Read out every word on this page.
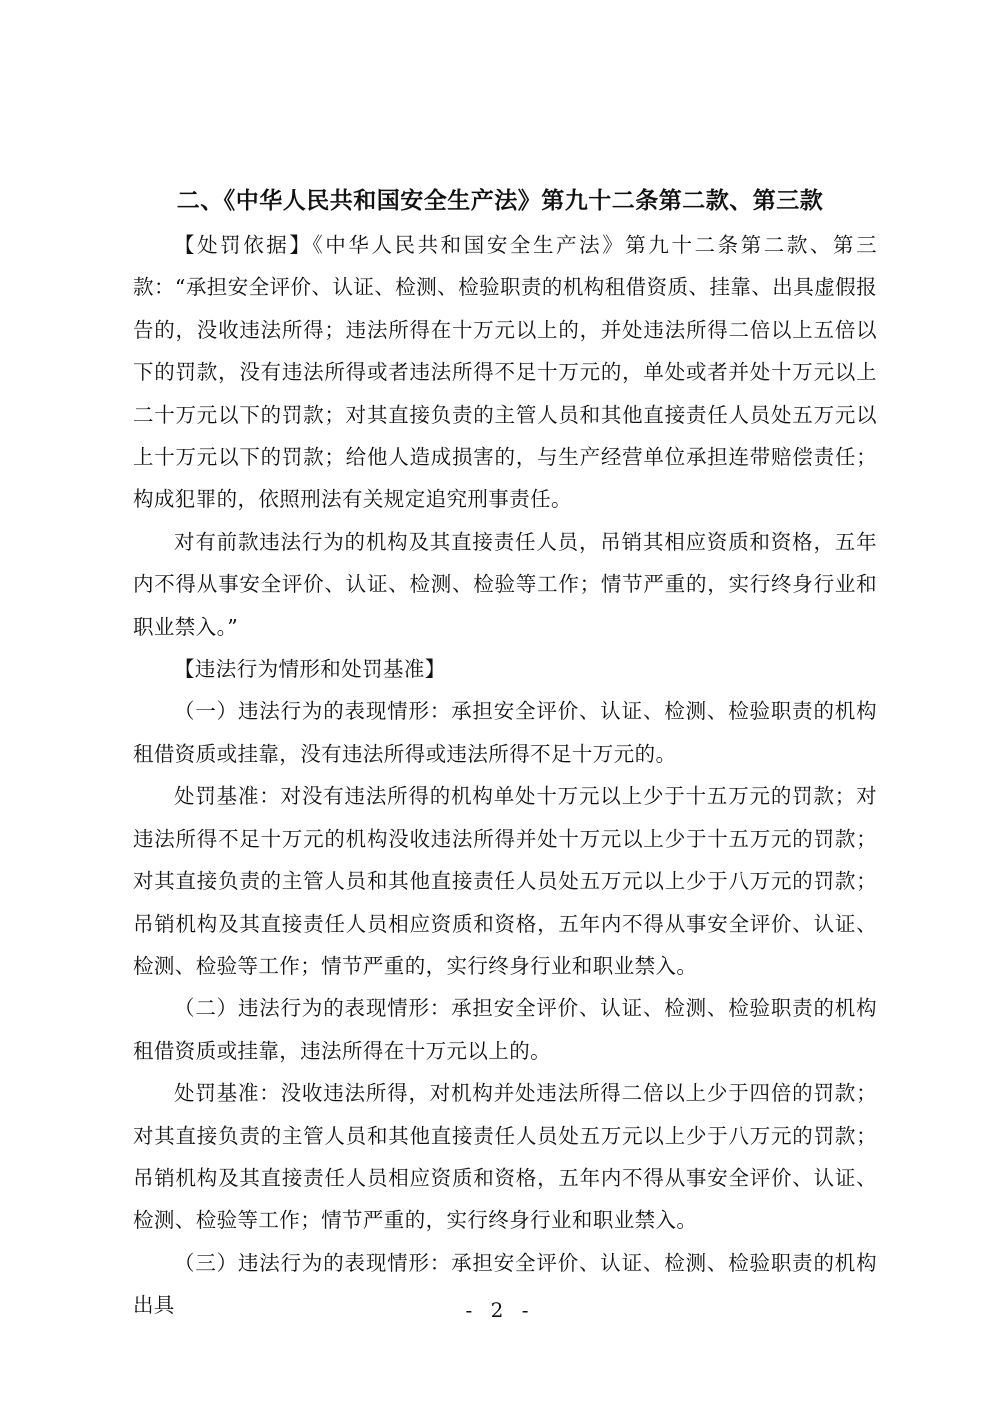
二、《中华人民共和国安全生产法》第九十二条第二款、第三款

【处罚依据】《中华人民共和国安全生产法》第九十二条第二款、第三款：“承担安全评价、认证、检测、检验职责的机构租借资质、挂靠、出具虚假报告的，没收违法所得；违法所得在十万元以上的，并处违法所得二倍以上五倍以下的罚款，没有违法所得或者违法所得不足十万元的，单处或者并处十万元以上二十万元以下的罚款；对其直接负责的主管人员和其他直接责任人员处五万元以上十万元以下的罚款；给他人造成损害的，与生产经营单位承担连带赔偿责任；构成犯罪的，依照刑法有关规定追究刑事责任。

对有前款违法行为的机构及其直接责任人员，吊销其相应资质和资格，五年内不得从事安全评价、认证、检测、检验等工作；情节严重的，实行终身行业和职业禁入。”

【违法行为情形和处罚基准】

（一）违法行为的表现情形：承担安全评价、认证、检测、检验职责的机构租借资质或挂靠，没有违法所得或违法所得不足十万元的。

处罚基准：对没有违法所得的机构单处十万元以上少于十五万元的罚款；对违法所得不足十万元的机构没收违法所得并处十万元以上少于十五万元的罚款；对其直接负责的主管人员和其他直接责任人员处五万元以上少于八万元的罚款；吊销机构及其直接责任人员相应资质和资格，五年内不得从事安全评价、认证、检测、检验等工作；情节严重的，实行终身行业和职业禁入。

（二）违法行为的表现情形：承担安全评价、认证、检测、检验职责的机构租借资质或挂靠，违法所得在十万元以上的。

处罚基准：没收违法所得，对机构并处违法所得二倍以上少于四倍的罚款；对其直接负责的主管人员和其他直接责任人员处五万元以上少于八万元的罚款；吊销机构及其直接责任人员相应资质和资格，五年内不得从事安全评价、认证、检测、检验等工作；情节严重的，实行终身行业和职业禁入。

（三）违法行为的表现情形：承担安全评价、认证、检测、检验职责的机构出具	- 2 -
